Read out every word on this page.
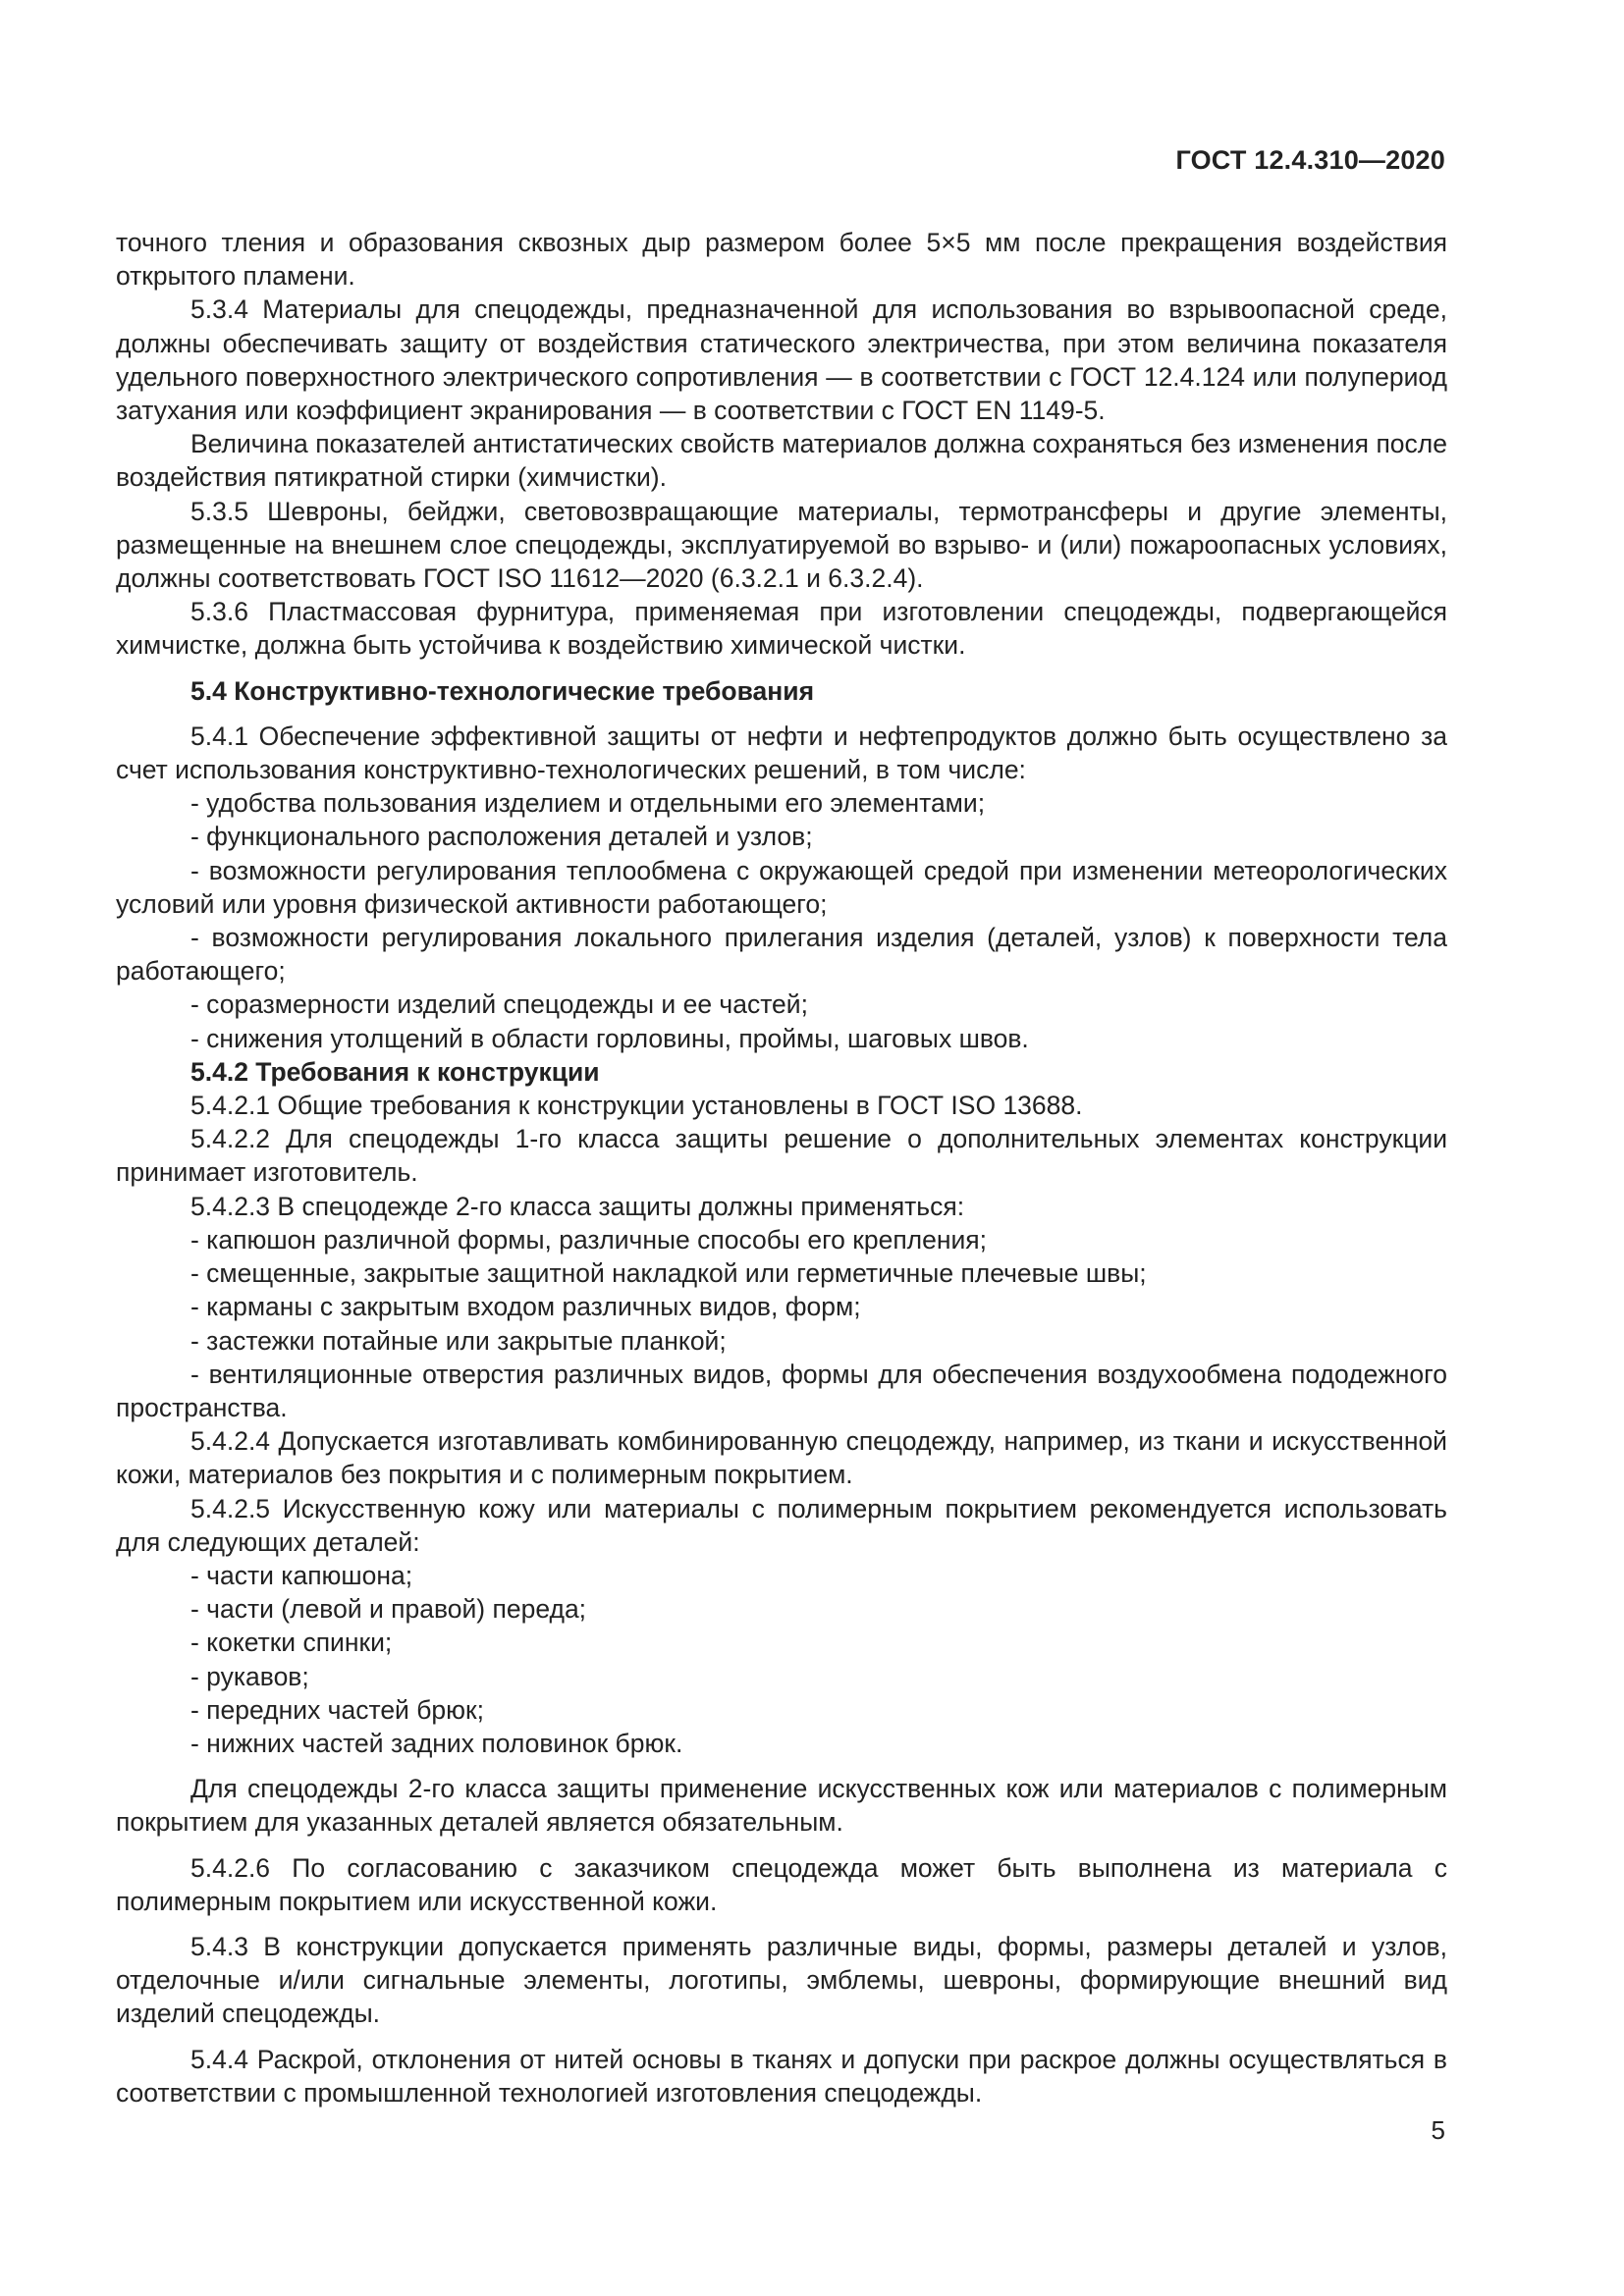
ГОСТ 12.4.310—2020

точного тления и образования сквозных дыр размером более 5×5 мм после прекращения воздействия открытого пламени.

5.3.4 Материалы для спецодежды, предназначенной для использования во взрывоопасной среде, должны обеспечивать защиту от воздействия статического электричества, при этом величина показателя удельного поверхностного электрического сопротивления — в соответствии с ГОСТ 12.4.124 или полупериод затухания или коэффициент экранирования — в соответствии с ГОСТ EN 1149-5.

Величина показателей антистатических свойств материалов должна сохраняться без изменения после воздействия пятикратной стирки (химчистки).

5.3.5 Шевроны, бейджи, световозвращающие материалы, термотрансферы и другие элементы, размещенные на внешнем слое спецодежды, эксплуатируемой во взрыво- и (или) пожароопасных условиях, должны соответствовать ГОСТ ISO 11612—2020 (6.3.2.1 и 6.3.2.4).

5.3.6 Пластмассовая фурнитура, применяемая при изготовлении спецодежды, подвергающейся химчистке, должна быть устойчива к воздействию химической чистки.

5.4 Конструктивно-технологические требования

5.4.1 Обеспечение эффективной защиты от нефти и нефтепродуктов должно быть осуществлено за счет использования конструктивно-технологических решений, в том числе:

- удобства пользования изделием и отдельными его элементами;

- функционального расположения деталей и узлов;

- возможности регулирования теплообмена с окружающей средой при изменении метеорологических условий или уровня физической активности работающего;

- возможности регулирования локального прилегания изделия (деталей, узлов) к поверхности тела работающего;

- соразмерности изделий спецодежды и ее частей;

- снижения утолщений в области горловины, проймы, шаговых швов.

5.4.2 Требования к конструкции

5.4.2.1 Общие требования к конструкции установлены в ГОСТ ISO 13688.

5.4.2.2 Для спецодежды 1-го класса защиты решение о дополнительных элементах конструкции принимает изготовитель.

5.4.2.3 В спецодежде 2-го класса защиты должны применяться:

- капюшон различной формы, различные способы его крепления;

- смещенные, закрытые защитной накладкой или герметичные плечевые швы;

- карманы с закрытым входом различных видов, форм;

- застежки потайные или закрытые планкой;

- вентиляционные отверстия различных видов, формы для обеспечения воздухообмена пододежного пространства.

5.4.2.4 Допускается изготавливать комбинированную спецодежду, например, из ткани и искусственной кожи, материалов без покрытия и с полимерным покрытием.

5.4.2.5 Искусственную кожу или материалы с полимерным покрытием рекомендуется использовать для следующих деталей:

- части капюшона;

- части (левой и правой) переда;

- кокетки спинки;

- рукавов;

- передних частей брюк;

- нижних частей задних половинок брюк.

Для спецодежды 2-го класса защиты применение искусственных кож или материалов с полимерным покрытием для указанных деталей является обязательным.

5.4.2.6 По согласованию с заказчиком спецодежда может быть выполнена из материала с полимерным покрытием или искусственной кожи.

5.4.3 В конструкции допускается применять различные виды, формы, размеры деталей и узлов, отделочные и/или сигнальные элементы, логотипы, эмблемы, шевроны, формирующие внешний вид изделий спецодежды.

5.4.4 Раскрой, отклонения от нитей основы в тканях и допуски при раскрое должны осуществляться в соответствии с промышленной технологией изготовления спецодежды.

5
